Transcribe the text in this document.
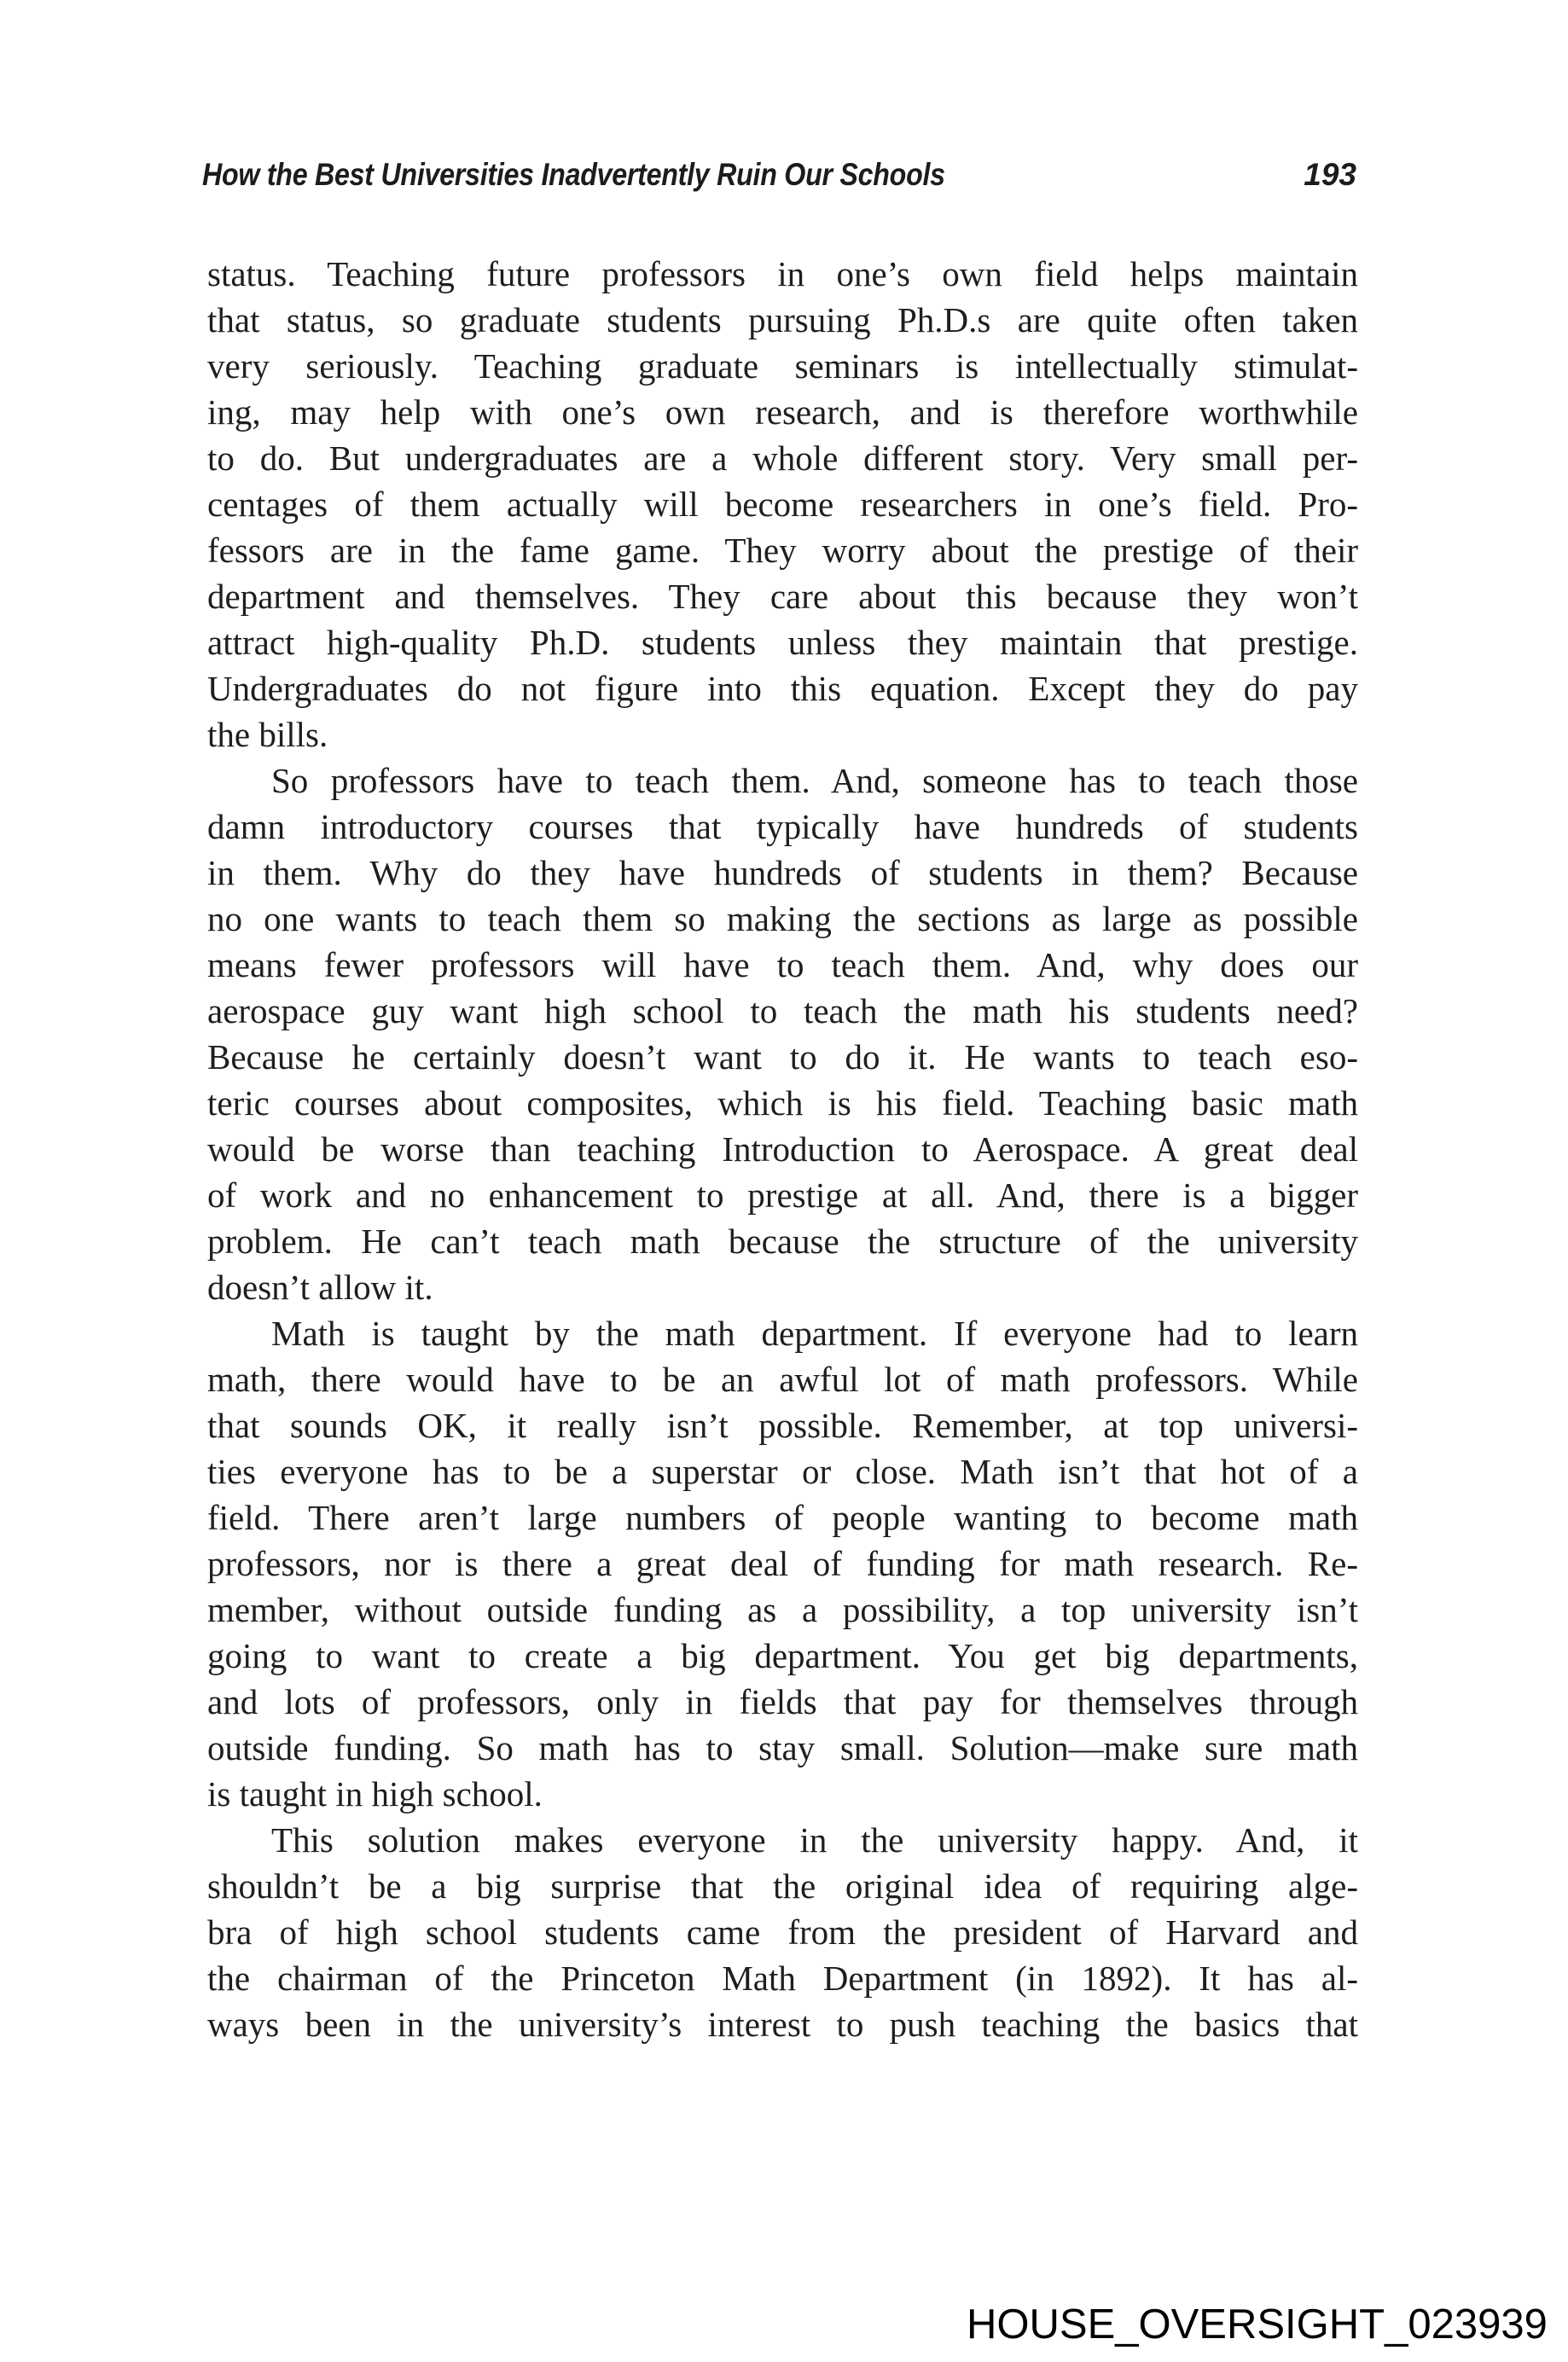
How the Best Universities Inadvertently Ruin Our Schools	193
status. Teaching future professors in one’s own field helps maintain
that status, so graduate students pursuing Ph.D.s are quite often taken
very seriously. Teaching graduate seminars is intellectually stimulat-
ing, may help with one’s own research, and is therefore worthwhile
to do. But undergraduates are a whole different story. Very small per-
centages of them actually will become researchers in one’s field. Pro-
fessors are in the fame game. They worry about the prestige of their
department and themselves. They care about this because they won’t
attract high-quality Ph.D. students unless they maintain that prestige.
Undergraduates do not figure into this equation. Except they do pay
the bills.
So professors have to teach them. And, someone has to teach those
damn introductory courses that typically have hundreds of students
in them. Why do they have hundreds of students in them? Because
no one wants to teach them so making the sections as large as possible
means fewer professors will have to teach them. And, why does our
aerospace guy want high school to teach the math his students need?
Because he certainly doesn’t want to do it. He wants to teach eso-
teric courses about composites, which is his field. Teaching basic math
would be worse than teaching Introduction to Aerospace. A great deal
of work and no enhancement to prestige at all. And, there is a bigger
problem. He can’t teach math because the structure of the university
doesn’t allow it.
Math is taught by the math department. If everyone had to learn
math, there would have to be an awful lot of math professors. While
that sounds OK, it really isn’t possible. Remember, at top universi-
ties everyone has to be a superstar or close. Math isn’t that hot of a
field. There aren’t large numbers of people wanting to become math
professors, nor is there a great deal of funding for math research. Re-
member, without outside funding as a possibility, a top university isn’t
going to want to create a big department. You get big departments,
and lots of professors, only in fields that pay for themselves through
outside funding. So math has to stay small. Solution—make sure math
is taught in high school.
This solution makes everyone in the university happy. And, it
shouldn’t be a big surprise that the original idea of requiring alge-
bra of high school students came from the president of Harvard and
the chairman of the Princeton Math Department (in 1892). It has al-
ways been in the university’s interest to push teaching the basics that
HOUSE_OVERSIGHT_023939
